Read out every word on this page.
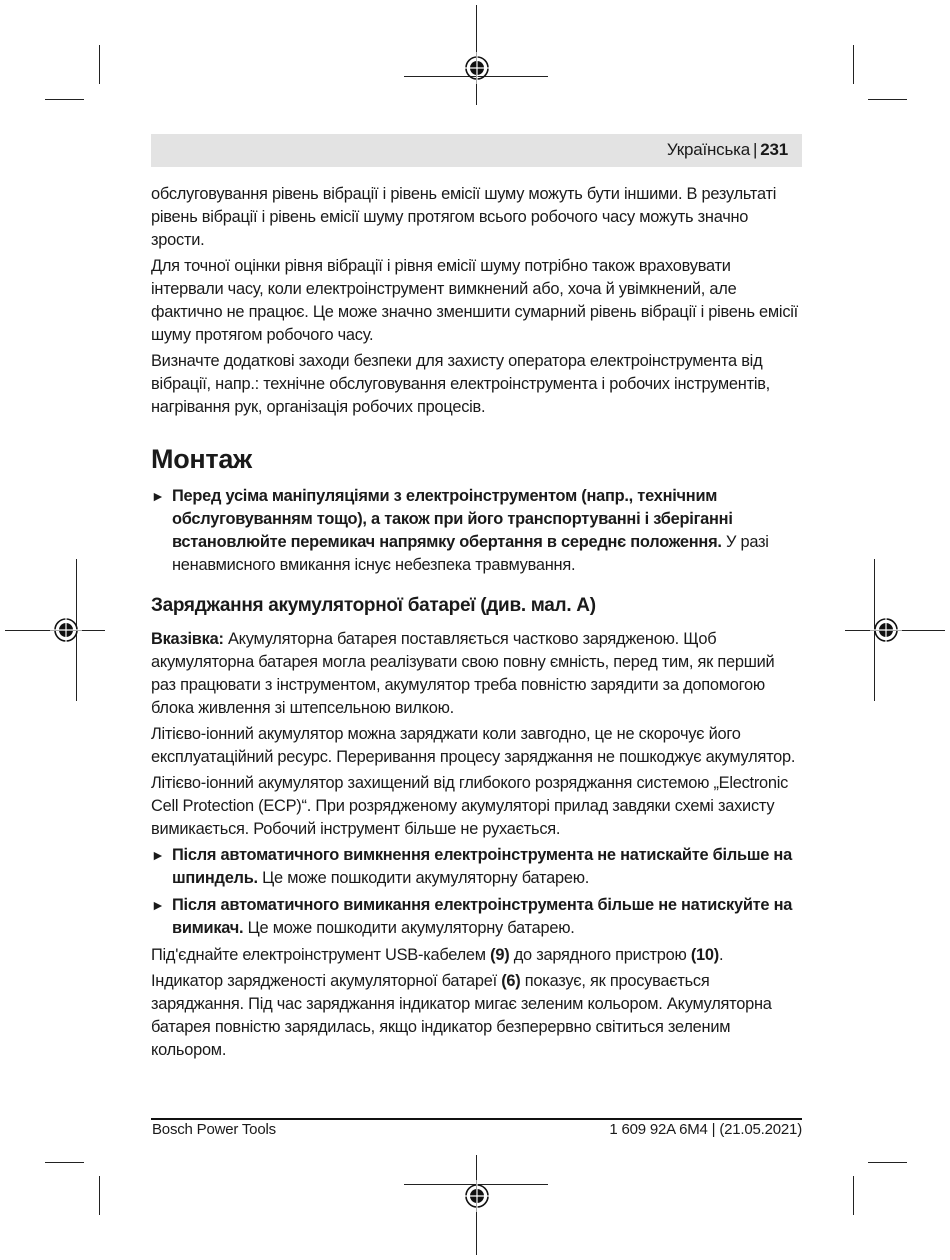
Українська | 231

обслуговування рівень вібрації і рівень емісії шуму можуть бути іншими. В результаті рівень вібрації і рівень емісії шуму протягом всього робочого часу можуть значно зрости.

Для точної оцінки рівня вібрації і рівня емісії шуму потрібно також враховувати інтервали часу, коли електроінструмент вимкнений або, хоча й увімкнений, але фактично не працює. Це може значно зменшити сумарний рівень вібрації і рівень емісії шуму протягом робочого часу.

Визначте додаткові заходи безпеки для захисту оператора електроінструмента від вібрації, напр.: технічне обслуговування електроінструмента і робочих інструментів, нагрівання рук, організація робочих процесів.

Монтаж
► Перед усіма маніпуляціями з електроінструментом (напр., технічним обслуговуванням тощо), а також при його транспортуванні і зберіганні встановлюйте перемикач напрямку обертання в середнє положення. У разі ненавмисного вмикання існує небезпека травмування.
Заряджання акумуляторної батареї (див. мал. A)

Вказівка: Акумуляторна батарея поставляється частково зарядженою. Щоб акумуляторна батарея могла реалізувати свою повну ємність, перед тим, як перший раз працювати з інструментом, акумулятор треба повністю зарядити за допомогою блока живлення зі штепсельною вилкою.

Літієво-іонний акумулятор можна заряджати коли завгодно, це не скорочує його експлуатаційний ресурс. Переривання процесу заряджання не пошкоджує акумулятор.

Літієво-іонний акумулятор захищений від глибокого розряджання системою „Electronic Cell Protection (ECP)“. При розрядженому акумуляторі прилад завдяки схемі захисту вимикається. Робочий інструмент більше не рухається.

► Після автоматичного вимкнення електроінструмента не натискайте більше на шпиндель. Це може пошкодити акумуляторну батарею.
► Після автоматичного вимикання електроінструмента більше не натискуйте на вимикач. Це може пошкодити акумуляторну батарею.

Під'єднайте електроінструмент USB-кабелем (9) до зарядного пристрою (10).

Індикатор зарядженості акумуляторної батареї (6) показує, як просувається заряджання. Під час заряджання індикатор мигає зеленим кольором. Акумуляторна батарея повністю зарядилась, якщо індикатор безперервно світиться зеленим кольором.

Bosch Power Tools	1 609 92A 6M4 | (21.05.2021)
